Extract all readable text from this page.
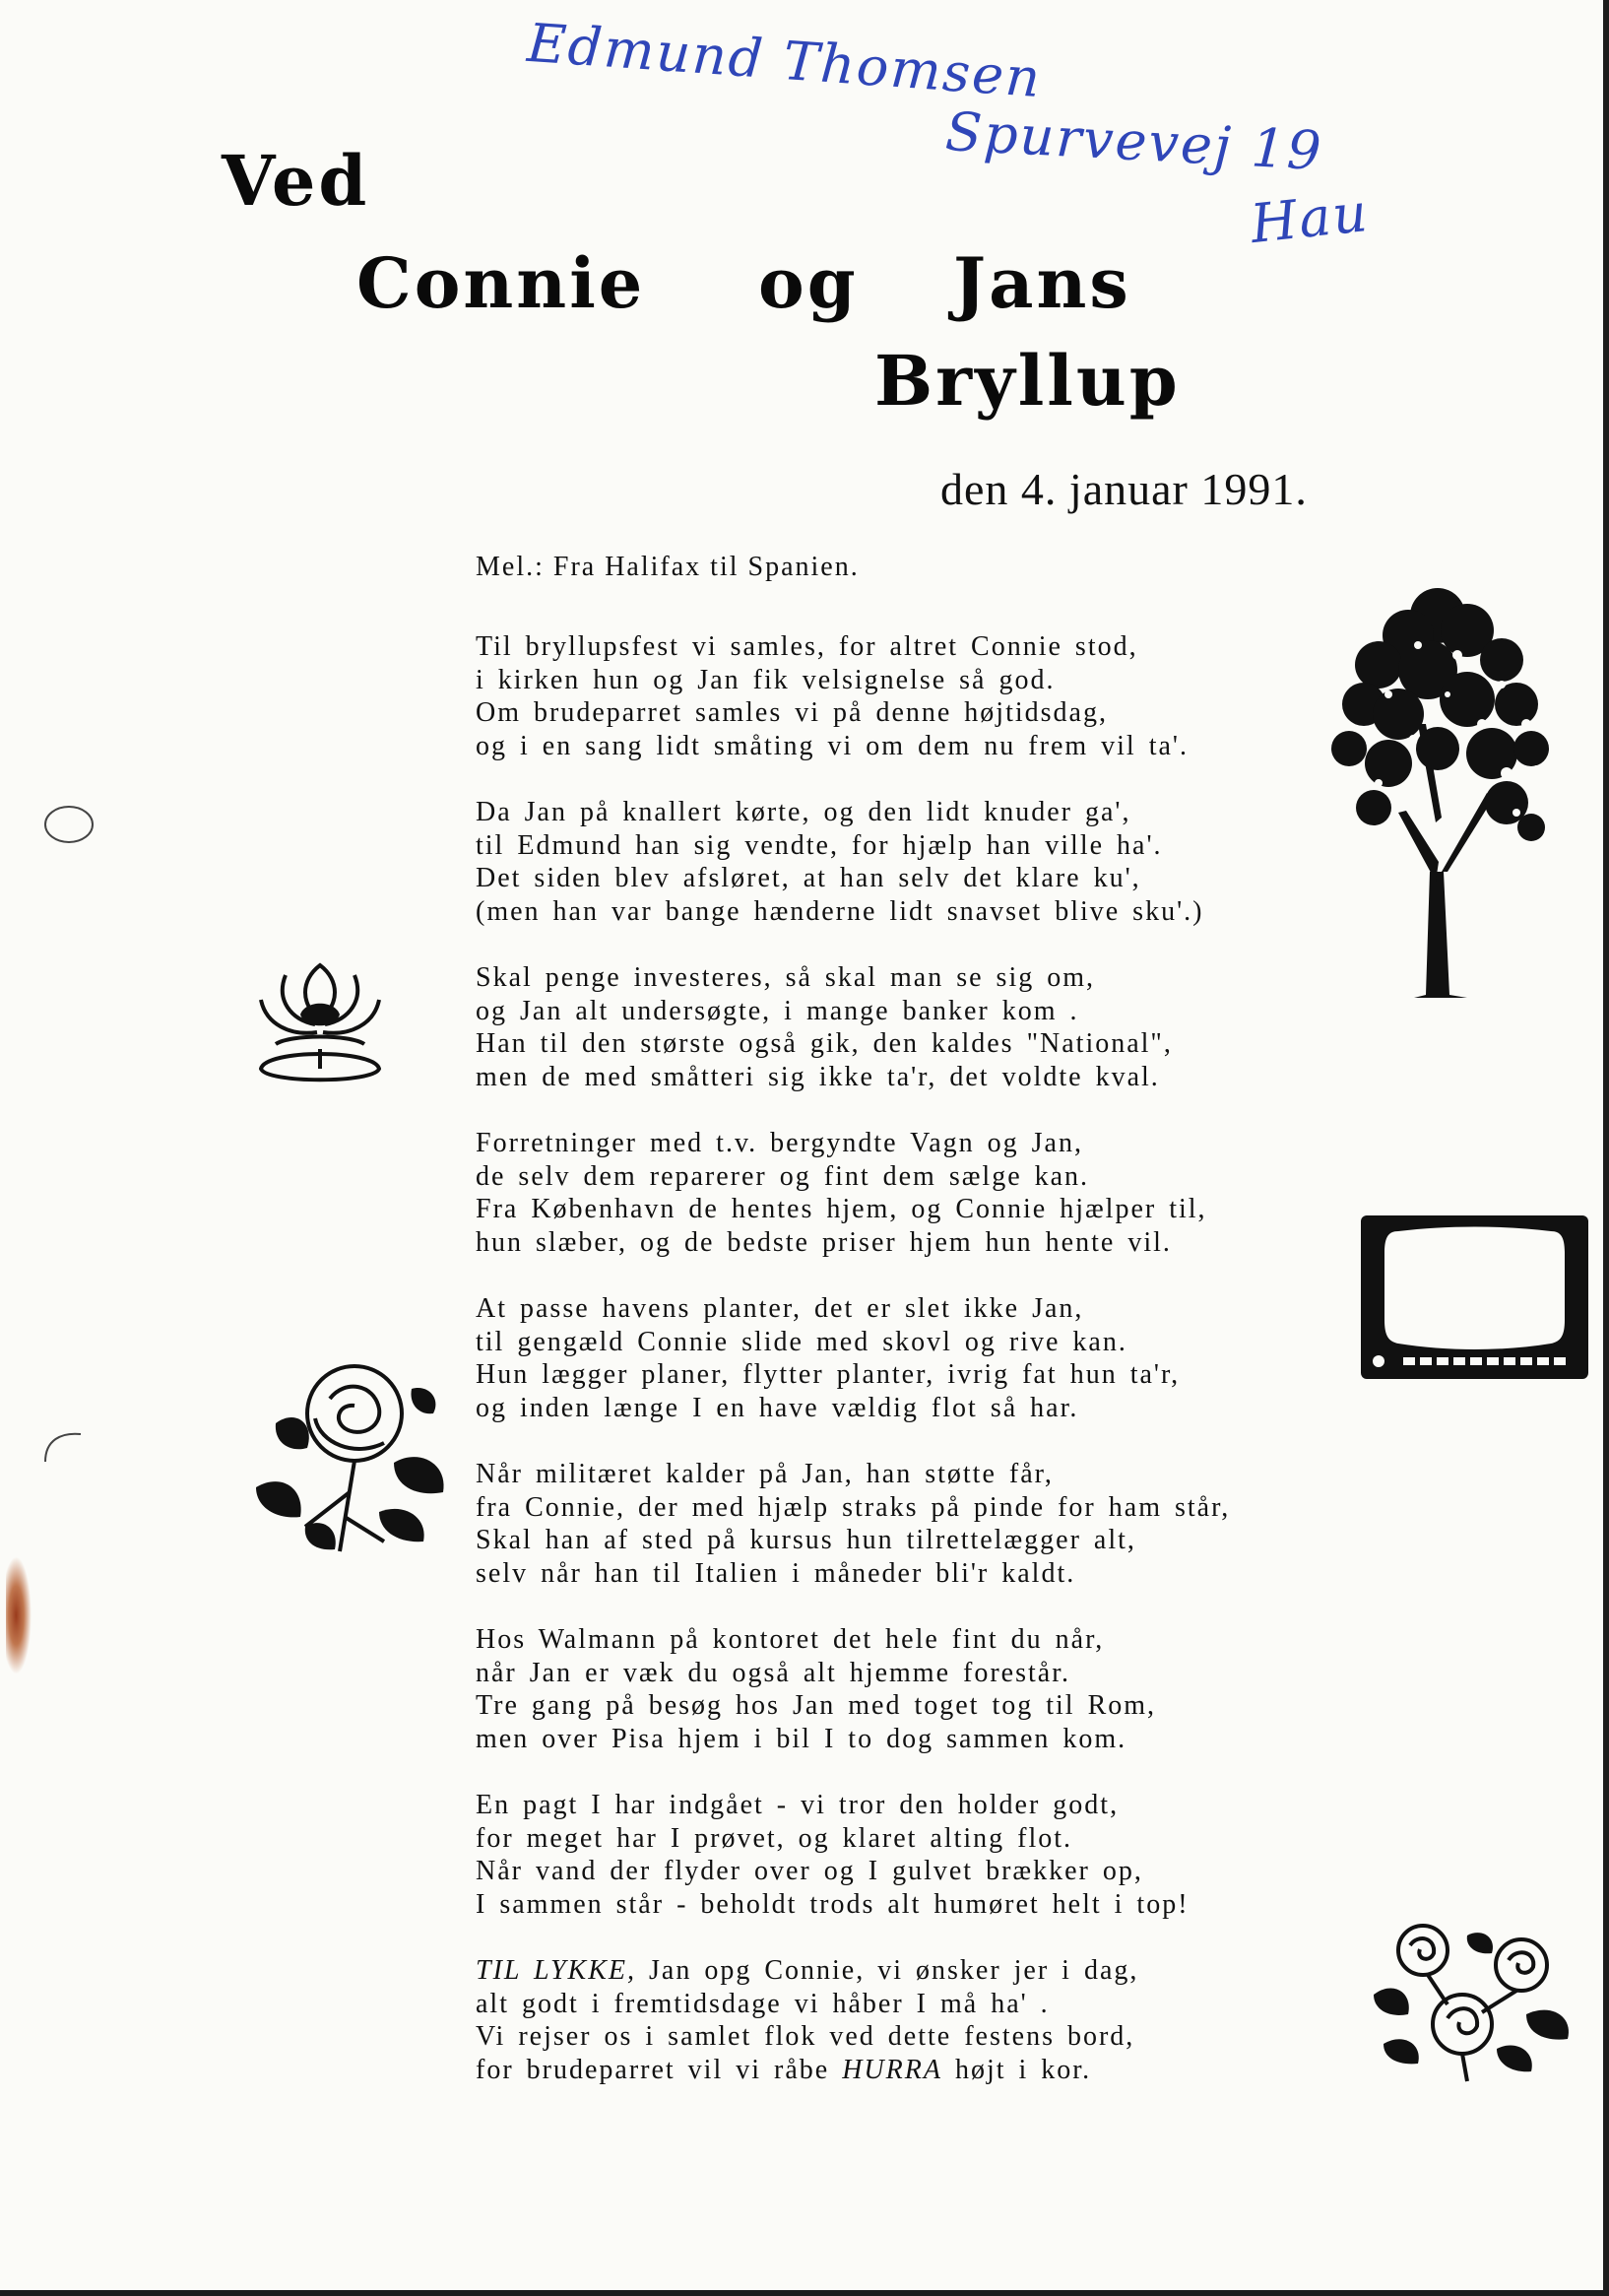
Edmund Thomsen
Spurvevej 19
Hau
Ved
Connie og Jans
Bryllup
den 4. januar 1991.
Mel.: Fra Halifax til Spanien.
Til bryllupsfest vi samles, for altret Connie stod,
i kirken hun og Jan fik velsignelse så god.
Om brudeparret samles vi på denne højtidsdag,
og i en sang lidt småting vi om dem nu frem vil ta'.
Da Jan på knallert kørte, og den lidt knuder ga',
til Edmund han sig vendte, for hjælp han ville ha'.
Det siden blev afsløret, at han selv det klare ku',
(men han var bange hænderne lidt snavset blive sku'.)
Skal penge investeres, så skal man se sig om,
og Jan alt undersøgte, i mange banker kom .
Han til den største også gik, den kaldes "National",
men de med småtteri sig ikke ta'r, det voldte kval.
Forretninger med t.v. bergyndte Vagn og Jan,
de selv dem reparerer og fint dem sælge kan.
Fra København de hentes hjem, og Connie hjælper til,
hun slæber, og de bedste priser hjem hun hente vil.
At passe havens planter, det er slet ikke Jan,
til gengæld Connie slide med skovl og rive kan.
Hun lægger planer, flytter planter, ivrig fat hun ta'r,
og inden længe I en have vældig flot så har.
Når militæret kalder på Jan, han støtte får,
fra Connie, der med hjælp straks på pinde for ham står,
Skal han af sted på kursus hun tilrettelægger alt,
selv når han til Italien i måneder bli'r kaldt.
Hos Walmann på kontoret det hele fint du når,
når Jan er væk du også alt hjemme forestår.
Tre gang på besøg hos Jan med toget tog til Rom,
men over Pisa hjem i bil I to dog sammen kom.
En pagt I har indgået - vi tror den holder godt,
for meget har I prøvet, og klaret alting flot.
Når vand der flyder over og I gulvet brækker op,
I sammen står - beholdt trods alt humøret helt i top!
TIL LYKKE, Jan opg Connie, vi ønsker jer i dag,
alt godt i fremtidsdage vi håber I må ha' .
Vi rejser os i samlet flok ved dette festens bord,
for brudeparret vil vi råbe HURRA højt i kor.
